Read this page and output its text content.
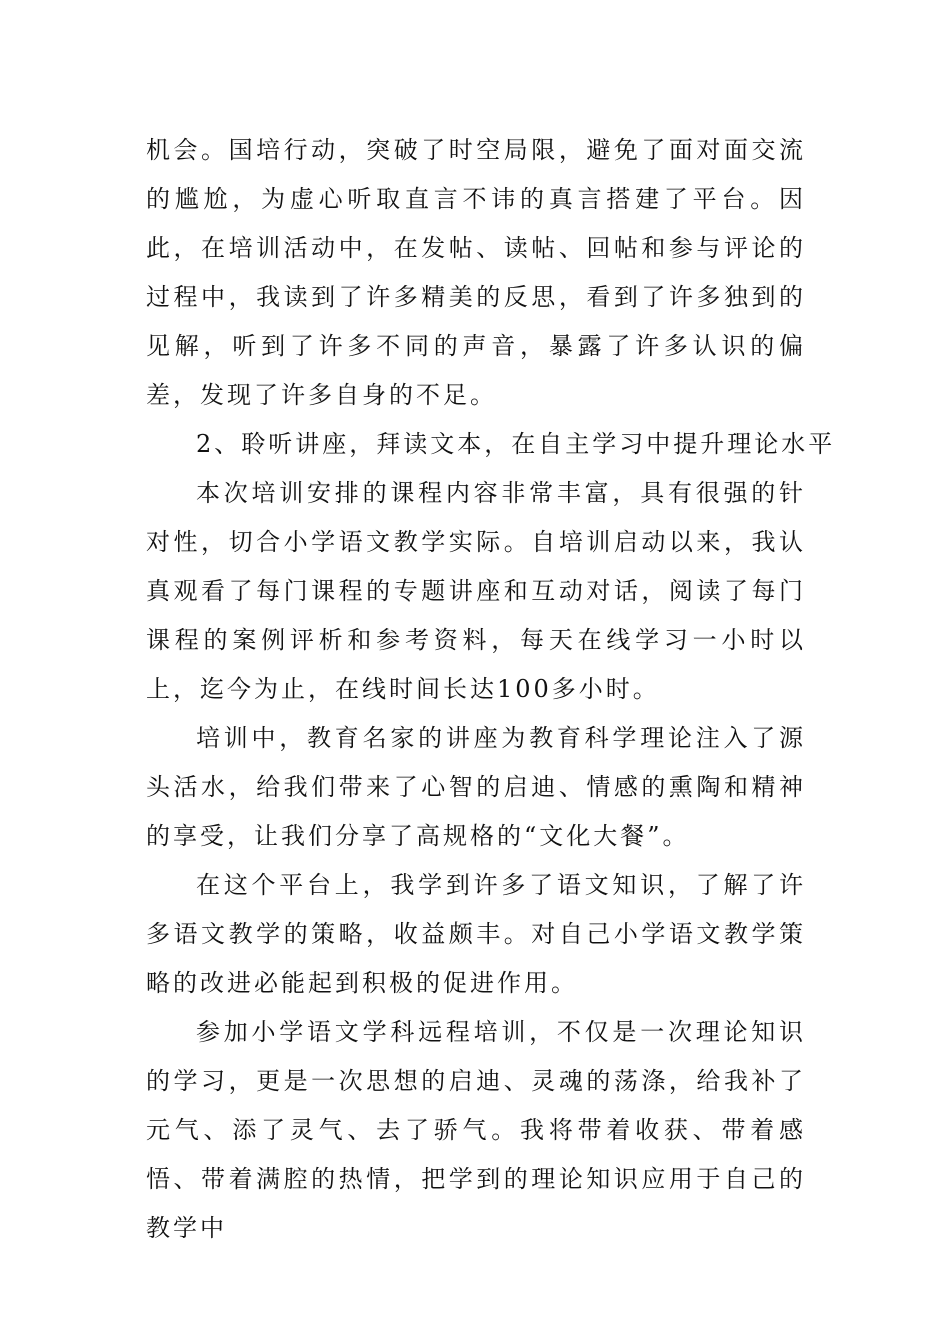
机会。国培行动，突破了时空局限，避免了面对面交流的尴尬，为虚心听取直言不讳的真言搭建了平台。因此，在培训活动中，在发帖、读帖、回帖和参与评论的过程中，我读到了许多精美的反思，看到了许多独到的见解，听到了许多不同的声音，暴露了许多认识的偏差，发现了许多自身的不足。

2、聆听讲座，拜读文本，在自主学习中提升理论水平

本次培训安排的课程内容非常丰富，具有很强的针对性，切合小学语文教学实际。自培训启动以来，我认真观看了每门课程的专题讲座和互动对话，阅读了每门课程的案例评析和参考资料，每天在线学习一小时以上，迄今为止，在线时间长达100多小时。

培训中，教育名家的讲座为教育科学理论注入了源头活水，给我们带来了心智的启迪、情感的熏陶和精神的享受，让我们分享了高规格的“文化大餐”。

在这个平台上，我学到许多了语文知识，了解了许多语文教学的策略，收益颇丰。对自己小学语文教学策略的改进必能起到积极的促进作用。

参加小学语文学科远程培训，不仅是一次理论知识的学习，更是一次思想的启迪、灵魂的荡涤，给我补了元气、添了灵气、去了骄气。我将带着收获、带着感悟、带着满腔的热情，把学到的理论知识应用于自己的教学中
